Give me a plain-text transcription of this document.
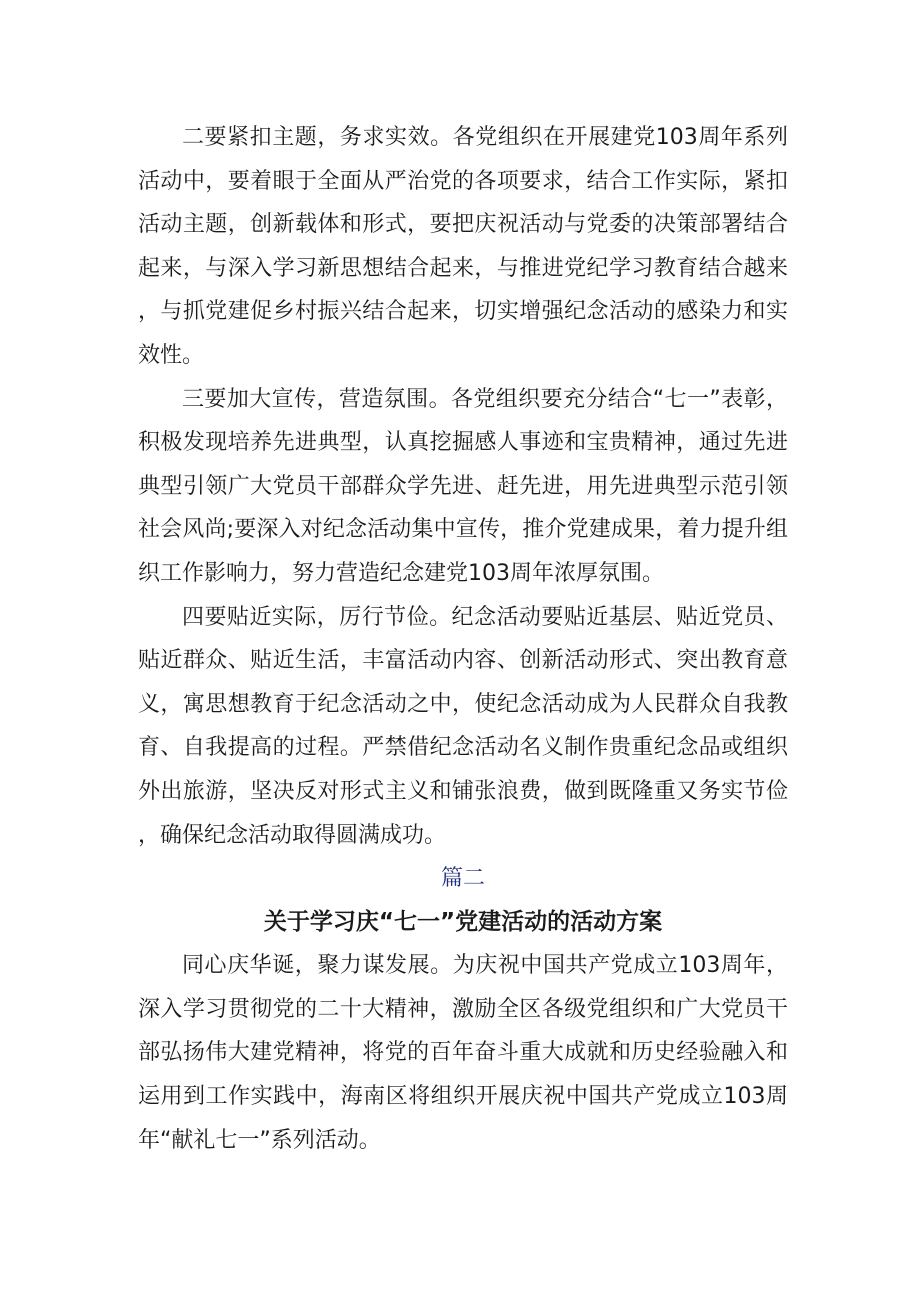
二要紧扣主题，务求实效。各党组织在开展建党103周年系列活动中，要着眼于全面从严治党的各项要求，结合工作实际，紧扣活动主题，创新载体和形式，要把庆祝活动与党委的决策部署结合起来，与深入学习新思想结合起来，与推进党纪学习教育结合越来，与抓党建促乡村振兴结合起来，切实增强纪念活动的感染力和实效性。

三要加大宣传，营造氛围。各党组织要充分结合“七一”表彰，积极发现培养先进典型，认真挖掘感人事迹和宝贵精神，通过先进典型引领广大党员干部群众学先进、赶先进，用先进典型示范引领社会风尚;要深入对纪念活动集中宣传，推介党建成果，着力提升组织工作影响力，努力营造纪念建党103周年浓厚氛围。

四要贴近实际，厉行节俭。纪念活动要贴近基层、贴近党员、贴近群众、贴近生活，丰富活动内容、创新活动形式、突出教育意义，寓思想教育于纪念活动之中，使纪念活动成为人民群众自我教育、自我提高的过程。严禁借纪念活动名义制作贵重纪念品或组织外出旅游，坚决反对形式主义和铺张浪费，做到既隆重又务实节俭，确保纪念活动取得圆满成功。

篇二

关于学习庆“七一”党建活动的活动方案

同心庆华诞，聚力谋发展。为庆祝中国共产党成立103周年，深入学习贯彻党的二十大精神，激励全区各级党组织和广大党员干部弘扬伟大建党精神，将党的百年奋斗重大成就和历史经验融入和运用到工作实践中，海南区将组织开展庆祝中国共产党成立103周年“献礼七一”系列活动。
